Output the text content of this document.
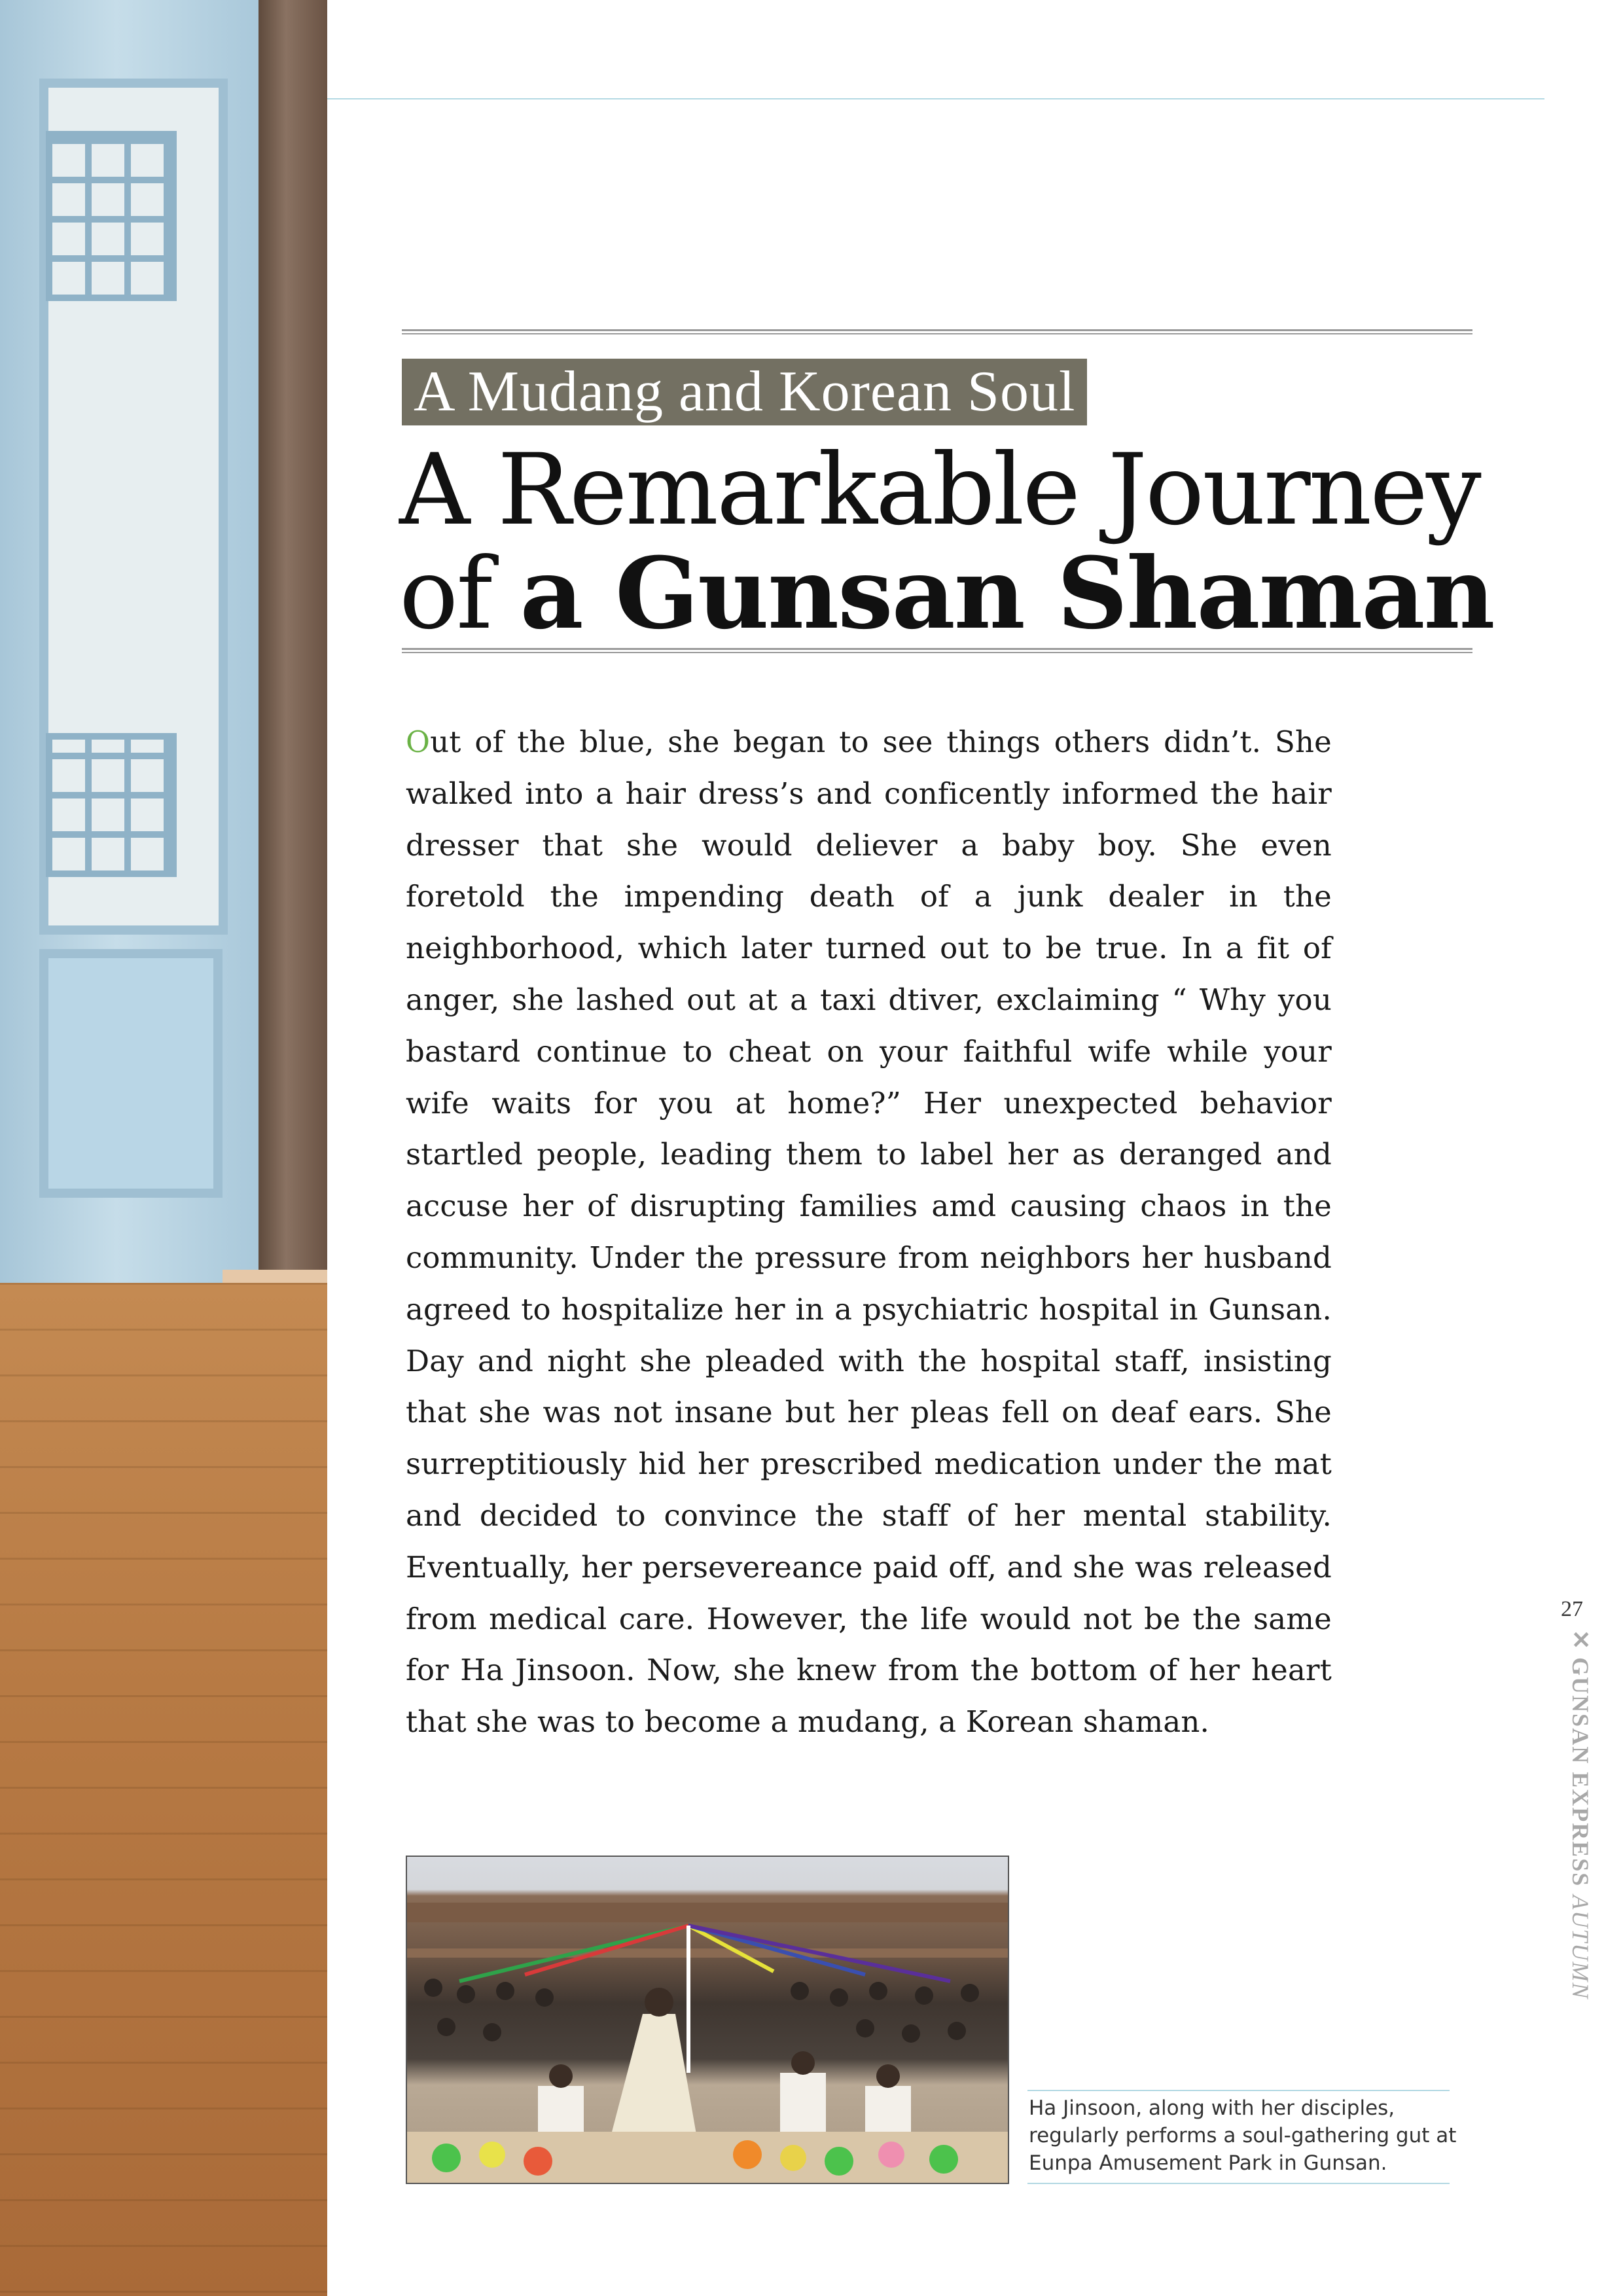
A Mudang and Korean Soul
A Remarkable Journey
of a Gunsan Shaman

Out of the blue, she began to see things others didn’t. She walked into a hair dress’s and conficently informed the hair dresser that she would deliever a baby boy. She even foretold the impending death of a junk dealer in the neighborhood, which later turned out to be true. In a fit of anger, she lashed out at a taxi dtiver, exclaiming “ Why you bastard continue to cheat on your faithful wife while your wife waits for you at home?” Her unexpected behavior startled people, leading them to label her as deranged and accuse her of disrupting families amd causing chaos in the community. Under the pressure from neighbors her husband agreed to hospitalize her in a psychiatric hospital in Gunsan. Day and night she pleaded with the hospital staff, insisting that she was not insane but her pleas fell on deaf ears. She surreptitiously hid her prescribed medication under the mat and decided to convince the staff of her mental stability. Eventually, her persevereance paid off, and she was released from medical care. However, the life would not be the same for Ha Jinsoon. Now, she knew from the bottom of her heart that she was to become a mudang, a Korean shaman.

Ha Jinsoon, along with her disciples, regularly performs a soul-gathering gut at Eunpa Amusement Park in Gunsan.

27
✕GUNSAN EXPRESSAUTUMN
